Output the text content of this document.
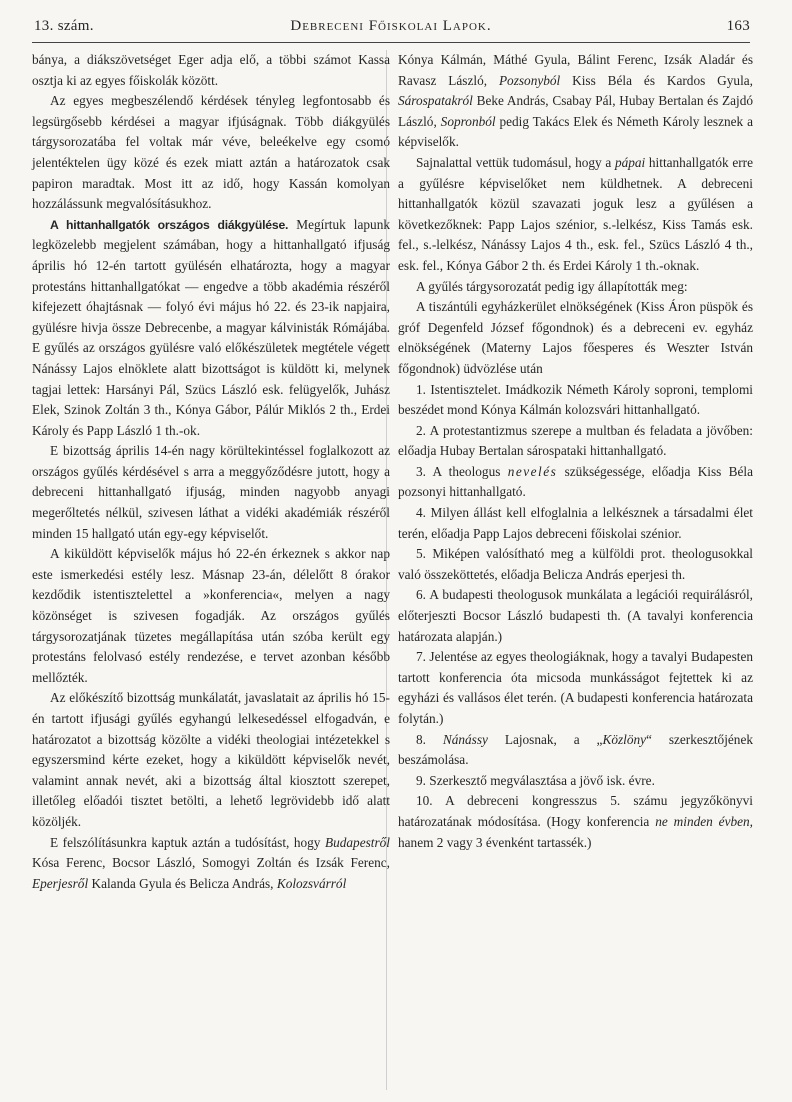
13. szám.	Debreceni Főiskolai Lapok.	163

bánya, a diákszövetséget Eger adja elő, a többi számot Kassa osztja ki az egyes főiskolák között.

Az egyes megbeszélendő kérdések tényleg legfontosabb és legsürgősebb kérdései a magyar ifjúságnak. Több diákgyülés tárgysorozatába fel voltak már véve, beleékelve egy csomó jelentéktelen ügy közé és ezek miatt aztán a határozatok csak papiron maradtak. Most itt az idő, hogy Kassán komolyan hozzálássunk megvalósításukhoz.

A hittanhallgatók országos diákgyülése. Megírtuk lapunk legközelebb megjelent számában, hogy a hittanhallgató ifjuság április hó 12-én tartott gyülésén elhatározta, hogy a magyar protestáns hittanhallgatókat — engedve a több akadémia részéről kifejezett óhajtásnak — folyó évi május hó 22. és 23-ik napjaira, gyülésre hivja össze Debrecenbe, a magyar kálvinisták Rómájába. E gyűlés az országos gyülésre való előkészületek megtétele végett Nánássy Lajos elnöklete alatt bizottságot is küldött ki, melynek tagjai lettek: Harsányi Pál, Szücs László esk. felügyelők, Juhász Elek, Szinok Zoltán 3 th., Kónya Gábor, Pálúr Miklós 2 th., Erdei Károly és Papp László 1 th.-ok.

E bizottság április 14-én nagy körültekintéssel foglalkozott az országos gyűlés kérdésével s arra a meggyőződésre jutott, hogy a debreceni hittanhallgató ifjuság, minden nagyobb anyagi megerőltetés nélkül, szivesen láthat a vidéki akadémiák részéről minden 15 hallgató után egy-egy képviselőt.

A kiküldött képviselők május hó 22-én érkeznek s akkor nap este ismerkedési estély lesz. Másnap 23-án, délelőtt 8 órakor kezdődik istentisztelettel a »konferencia«, melyen a nagy közönséget is szivesen fogadják. Az országos gyűlés tárgysorozatjának tüzetes megállapítása után szóba került egy protestáns felolvasó estély rendezése, e tervet azonban később mellőzték.

Az előkészítő bizottság munkálatát, javaslatait az április hó 15-én tartott ifjusági gyűlés egyhangú lelkesedéssel elfogadván, e határozatot a bizottság közölte a vidéki theologiai intézetekkel s egyszersmind kérte ezeket, hogy a kiküldött képviselők nevét, valamint annak nevét, aki a bizottság által kiosztott szerepet, illetőleg előadói tisztet betölti, a lehető legrövidebb idő alatt közöljék.

E felszólításunkra kaptuk aztán a tudósítást, hogy Budapestről Kósa Ferenc, Bocsor László, Somogyi Zoltán és Izsák Ferenc, Eperjesről Kalanda Gyula és Belicza András, Kolozsvárról

Kónya Kálmán, Máthé Gyula, Bálint Ferenc, Izsák Aladár és Ravasz László, Pozsonyból Kiss Béla és Kardos Gyula, Sárospatakról Beke András, Csabay Pál, Hubay Bertalan és Zajdó László, Sopronból pedig Takács Elek és Németh Károly lesznek a képviselők.

Sajnalattal vettük tudomásul, hogy a pápai hittanhallgatók erre a gyűlésre képviselőket nem küldhetnek. A debreceni hittanhallgatók közül szavazati joguk lesz a gyűlésen a következőknek: Papp Lajos szénior, s.-lelkész, Kiss Tamás esk. fel., s.-lelkész, Nánássy Lajos 4 th., esk. fel., Szücs László 4 th., esk. fel., Kónya Gábor 2 th. és Erdei Károly 1 th.-oknak.

A gyűlés tárgysorozatát pedig igy állapították meg:

A tiszántúli egyházkerület elnökségének (Kiss Áron püspök és gróf Degenfeld József főgondnok) és a debreceni ev. egyház elnökségének (Materny Lajos főesperes és Weszter István főgondnok) üdvözlése után

1. Istentisztelet. Imádkozik Németh Károly soproni, templomi beszédet mond Kónya Kálmán kolozsvári hittanhallgató.

2. A protestantizmus szerepe a multban és feladata a jövőben: előadja Hubay Bertalan sárospataki hittanhallgató.

3. A theologus nevelés szükségessége, előadja Kiss Béla pozsonyi hittanhallgató.

4. Milyen állást kell elfoglalnia a lelkésznek a társadalmi élet terén, előadja Papp Lajos debreceni főiskolai szénior.

5. Miképen valósítható meg a külföldi prot. theologusokkal való összeköttetés, előadja Belicza András eperjesi th.

6. A budapesti theologusok munkálata a legációi requirálásról, előterjeszti Bocsor László budapesti th. (A tavalyi konferencia határozata alapján.)

7. Jelentése az egyes theologiáknak, hogy a tavalyi Budapesten tartott konferencia óta micsoda munkásságot fejtettek ki az egyházi és vallásos élet terén. (A budapesti konferencia határozata folytán.)

8. Nánássy Lajosnak, a „Közlöny“ szerkesztőjének beszámolása.

9. Szerkesztő megválasztása a jövő isk. évre.

10. A debreceni kongresszus 5. számu jegyzőkönyvi határozatának módosítása. (Hogy konferencia ne minden évben, hanem 2 vagy 3 évenként tartassék.)
